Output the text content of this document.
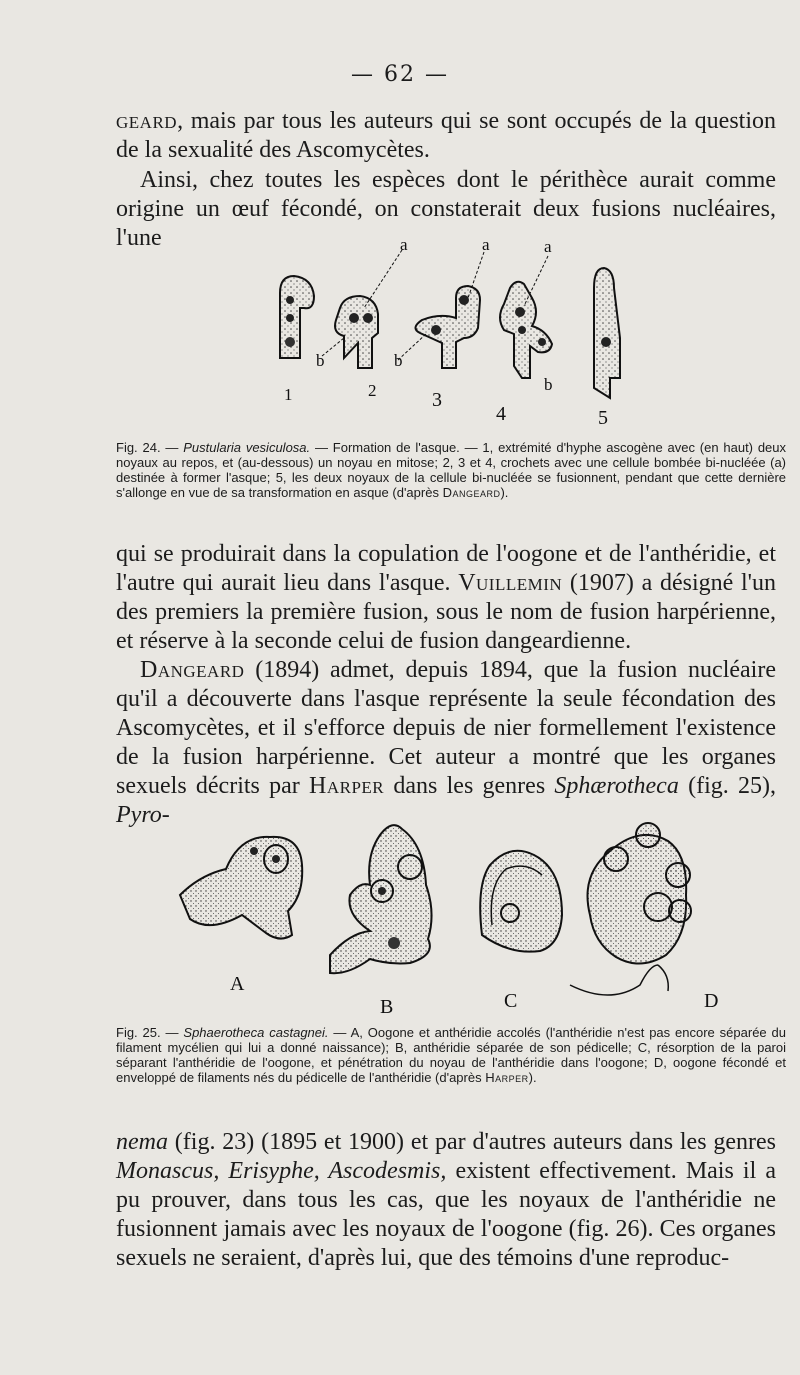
— 62 —

geard, mais par tous les auteurs qui se sont occupés de la question de la sexualité des Ascomycètes.

Ainsi, chez toutes les espèces dont le périthèce aurait comme origine un œuf fécondé, on constaterait deux fusions nucléaires, l'une	a	a	a
b	b
b
1	2	3
4	5

Fig. 24. — Pustularia vesiculosa. — Formation de l'asque. — 1, extrémité d'hyphe ascogène avec (en haut) deux noyaux au repos, et (au-dessous) un noyau en mitose; 2, 3 et 4, crochets avec une cellule bombée bi-nucléée (a) destinée à former l'asque; 5, les deux noyaux de la cellule bi-nucléée se fusionnent, pendant que cette dernière s'allonge en vue de sa transformation en asque (d'après Dangeard).

qui se produirait dans la copulation de l'oogone et de l'anthéridie, et l'autre qui aurait lieu dans l'asque. Vuillemin (1907) a désigné l'un des premiers la première fusion, sous le nom de fusion harpérienne, et réserve à la seconde celui de fusion dangeardienne.

Dangeard (1894) admet, depuis 1894, que la fusion nucléaire qu'il a découverte dans l'asque représente la seule fécondation des Ascomycètes, et il s'efforce depuis de nier formellement l'existence de la fusion harpérienne. Cet auteur a montré que les organes sexuels décrits par Harper dans les genres Sphærotheca (fig. 25), Pyro-

A
B	C	D

Fig. 25. — Sphaerotheca castagnei. — A, Oogone et anthéridie accolés (l'anthéridie n'est pas encore séparée du filament mycélien qui lui a donné naissance); B, anthéridie séparée de son pédicelle; C, résorption de la paroi séparant l'anthéridie de l'oogone, et pénétration du noyau de l'anthéridie dans l'oogone; D, oogone fécondé et enveloppé de filaments nés du pédicelle de l'anthéridie (d'après Harper).

nema (fig. 23) (1895 et 1900) et par d'autres auteurs dans les genres Monascus, Erisyphe, Ascodesmis, existent effectivement. Mais il a pu prouver, dans tous les cas, que les noyaux de l'anthéridie ne fusionnent jamais avec les noyaux de l'oogone (fig. 26). Ces organes sexuels ne seraient, d'après lui, que des témoins d'une reproduc-
